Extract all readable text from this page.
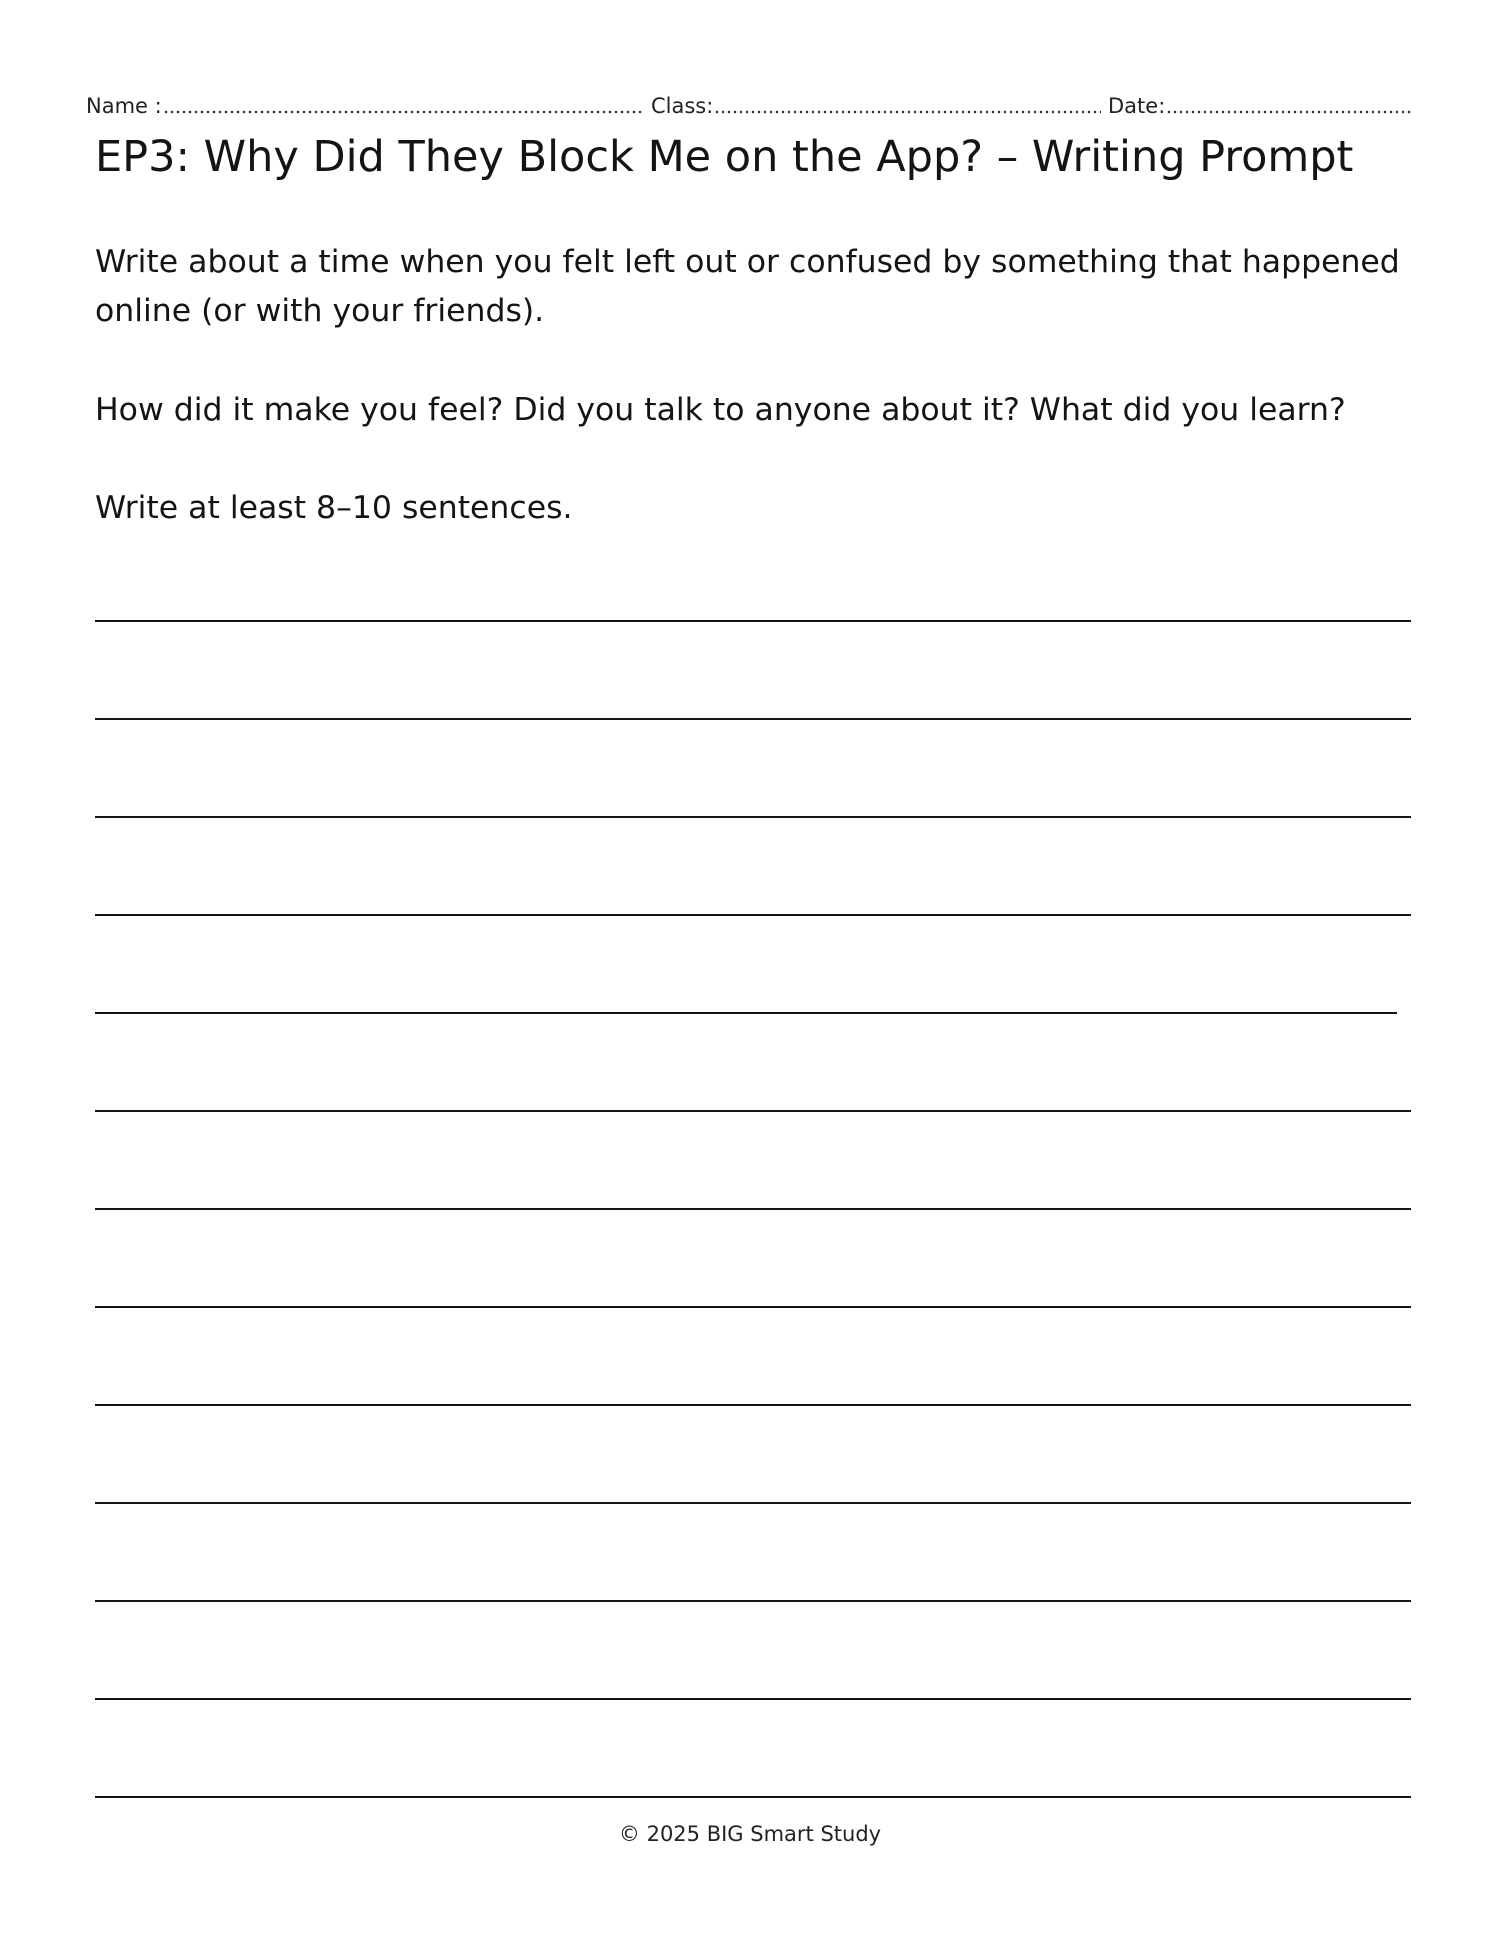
Name :	Class:	Date:
EP3: Why Did They Block Me on the App? – Writing Prompt

Write about a time when you felt left out or confused by something that happened online (or with your friends).

How did it make you feel? Did you talk to anyone about it? What did you learn?

Write at least 8–10 sentences.

© 2025 BIG Smart Study
